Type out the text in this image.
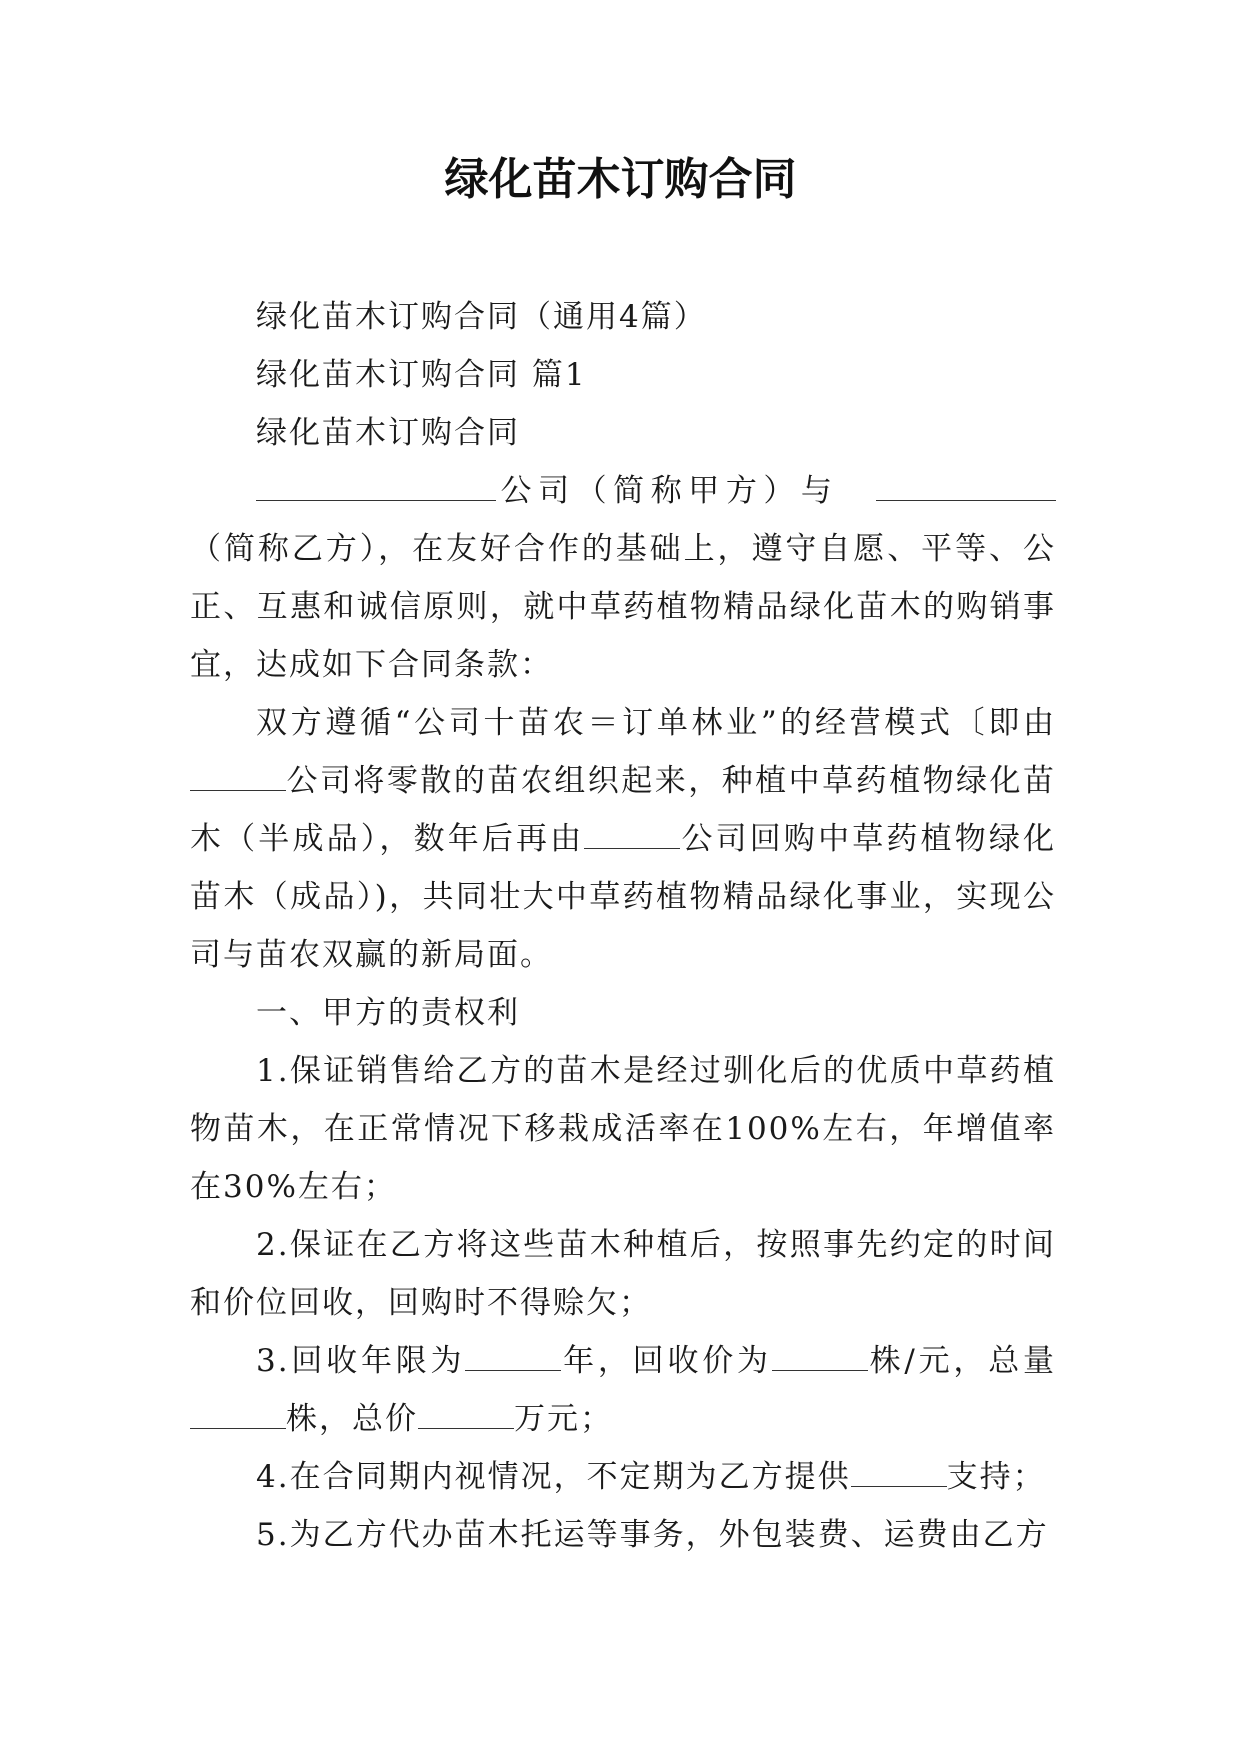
绿化苗木订购合同

绿化苗木订购合同（通用4篇）

绿化苗木订购合同 篇1

绿化苗木订购合同

公司（简称甲方）与　（简称乙方），在友好合作的基础上，遵守自愿、平等、公正、互惠和诚信原则，就中草药植物精品绿化苗木的购销事宜，达成如下合同条款：

双方遵循“公司十苗农＝订单林业”的经营模式〔即由公司将零散的苗农组织起来，种植中草药植物绿化苗木（半成品），数年后再由	公司回购中草药植物绿化苗木（成品）)，共同壮大中草药植物精品绿化事业，实现公司与苗农双赢的新局面。

一、甲方的责权利

1.保证销售给乙方的苗木是经过驯化后的优质中草药植物苗木，在正常情况下移栽成活率在100%左右，年增值率在30%左右；

2.保证在乙方将这些苗木种植后，按照事先约定的时间和价位回收，回购时不得赊欠；

3.回收年限为	年，回收价为	株/元，总量株，总价	万元；

4.在合同期内视情况，不定期为乙方提供	支持；

5.为乙方代办苗木托运等事务，外包装费、运费由乙方
